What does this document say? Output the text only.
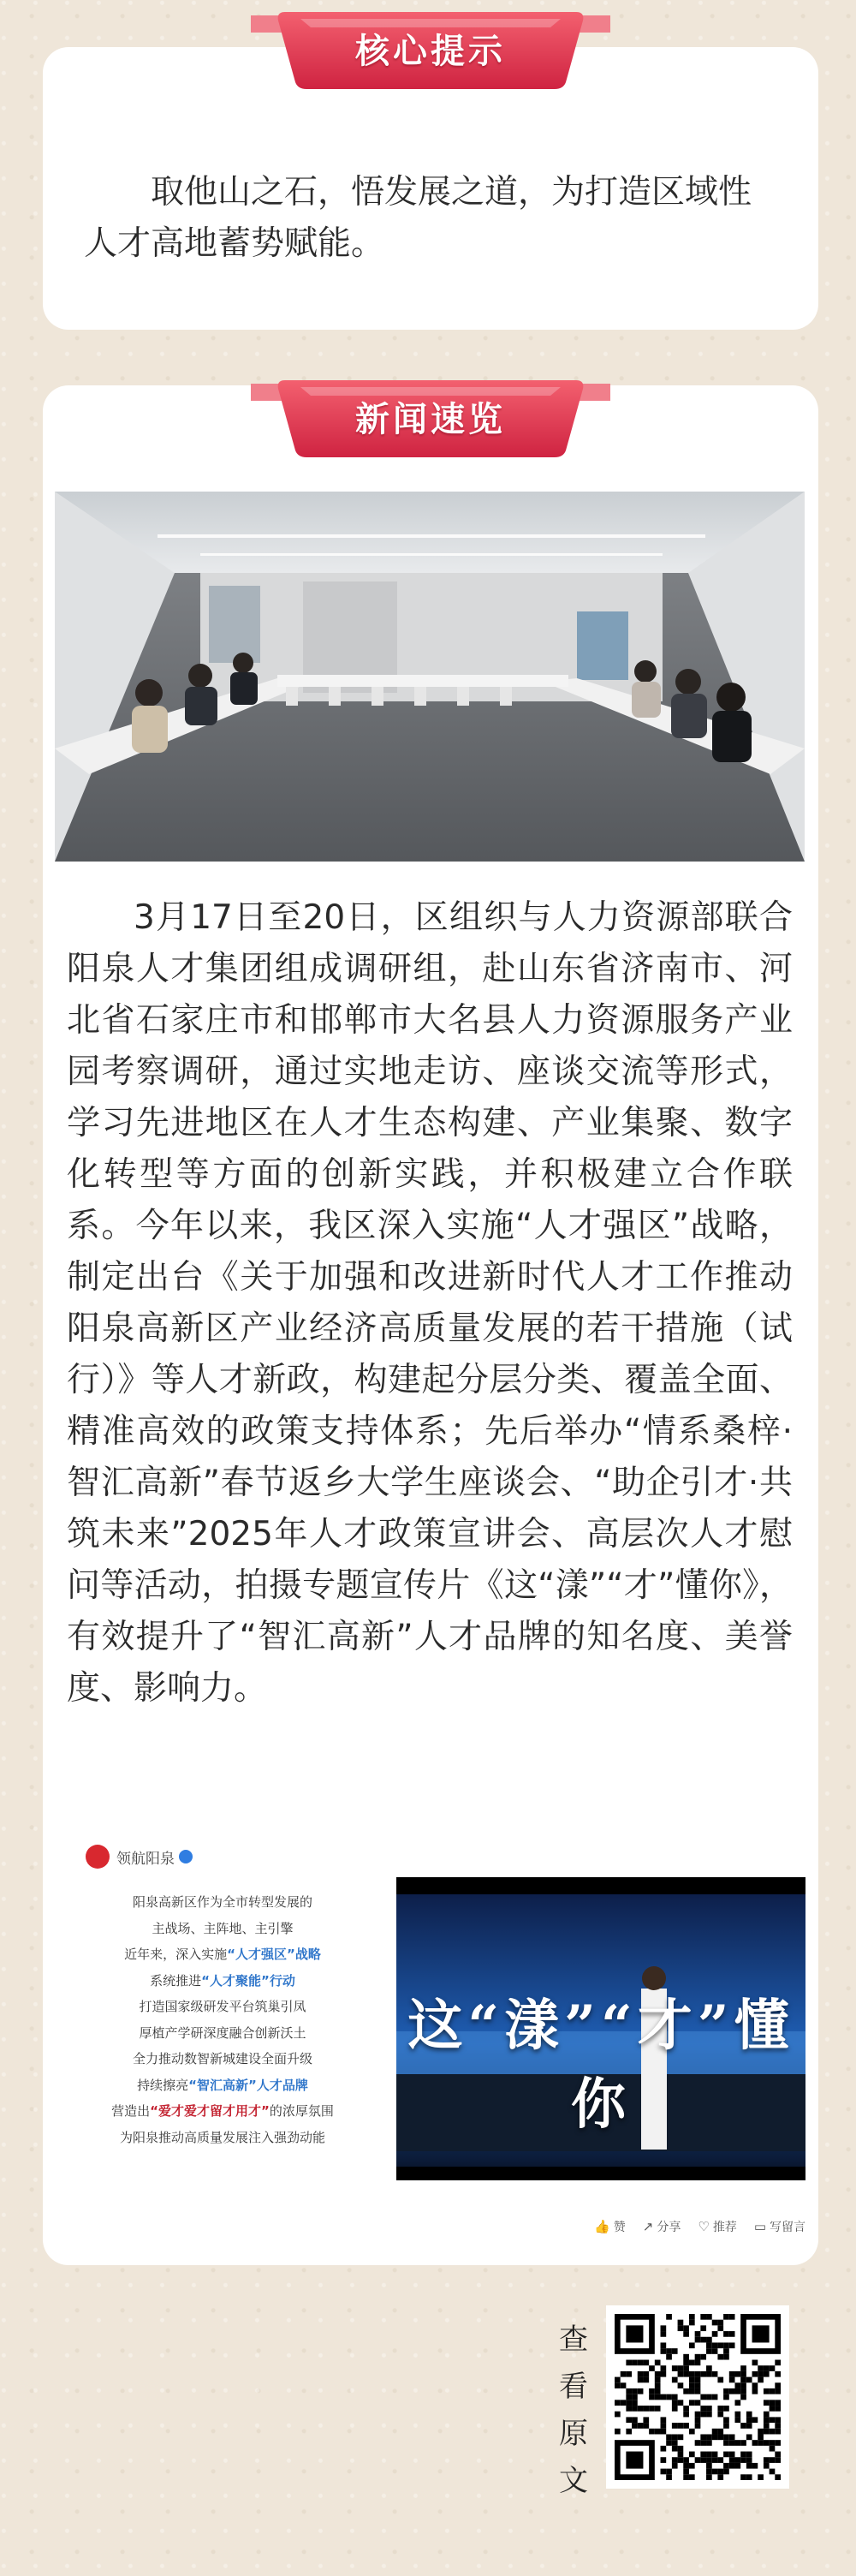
核心提示

取他山之石，悟发展之道，为打造区域性人才高地蓄势赋能。

新闻速览

3月17日至20日，区组织与人力资源部联合阳泉人才集团组成调研组，赴山东省济南市、河北省石家庄市和邯郸市大名县人力资源服务产业园考察调研，通过实地走访、座谈交流等形式，学习先进地区在人才生态构建、产业集聚、数字化转型等方面的创新实践，并积极建立合作联系。今年以来，我区深入实施“人才强区”战略，制定出台《关于加强和改进新时代人才工作推动阳泉高新区产业经济高质量发展的若干措施（试行）》等人才新政，构建起分层分类、覆盖全面、精准高效的政策支持体系；先后举办“情系桑梓·智汇高新”春节返乡大学生座谈会、“助企引才·共筑未来”2025年人才政策宣讲会、高层次人才慰问等活动，拍摄专题宣传片《这“漾”“才”懂你》，有效提升了“智汇高新”人才品牌的知名度、美誉度、影响力。

领航阳泉
阳泉高新区作为全市转型发展的
主战场、主阵地、主引擎
近年来，深入实施“人才强区”战略
系统推进“人才聚能”行动
打造国家级研发平台筑巢引凤
厚植产学研深度融合创新沃土
全力推动数智新城建设全面升级
持续擦亮“智汇高新”人才品牌
营造出“爱才爱才留才用才”的浓厚氛围
为阳泉推动高质量发展注入强劲动能
这“漾”“才”懂你
👍 赞 ↗ 分享 ♡ 推荐 ▭ 写留言
查
看
原
文
